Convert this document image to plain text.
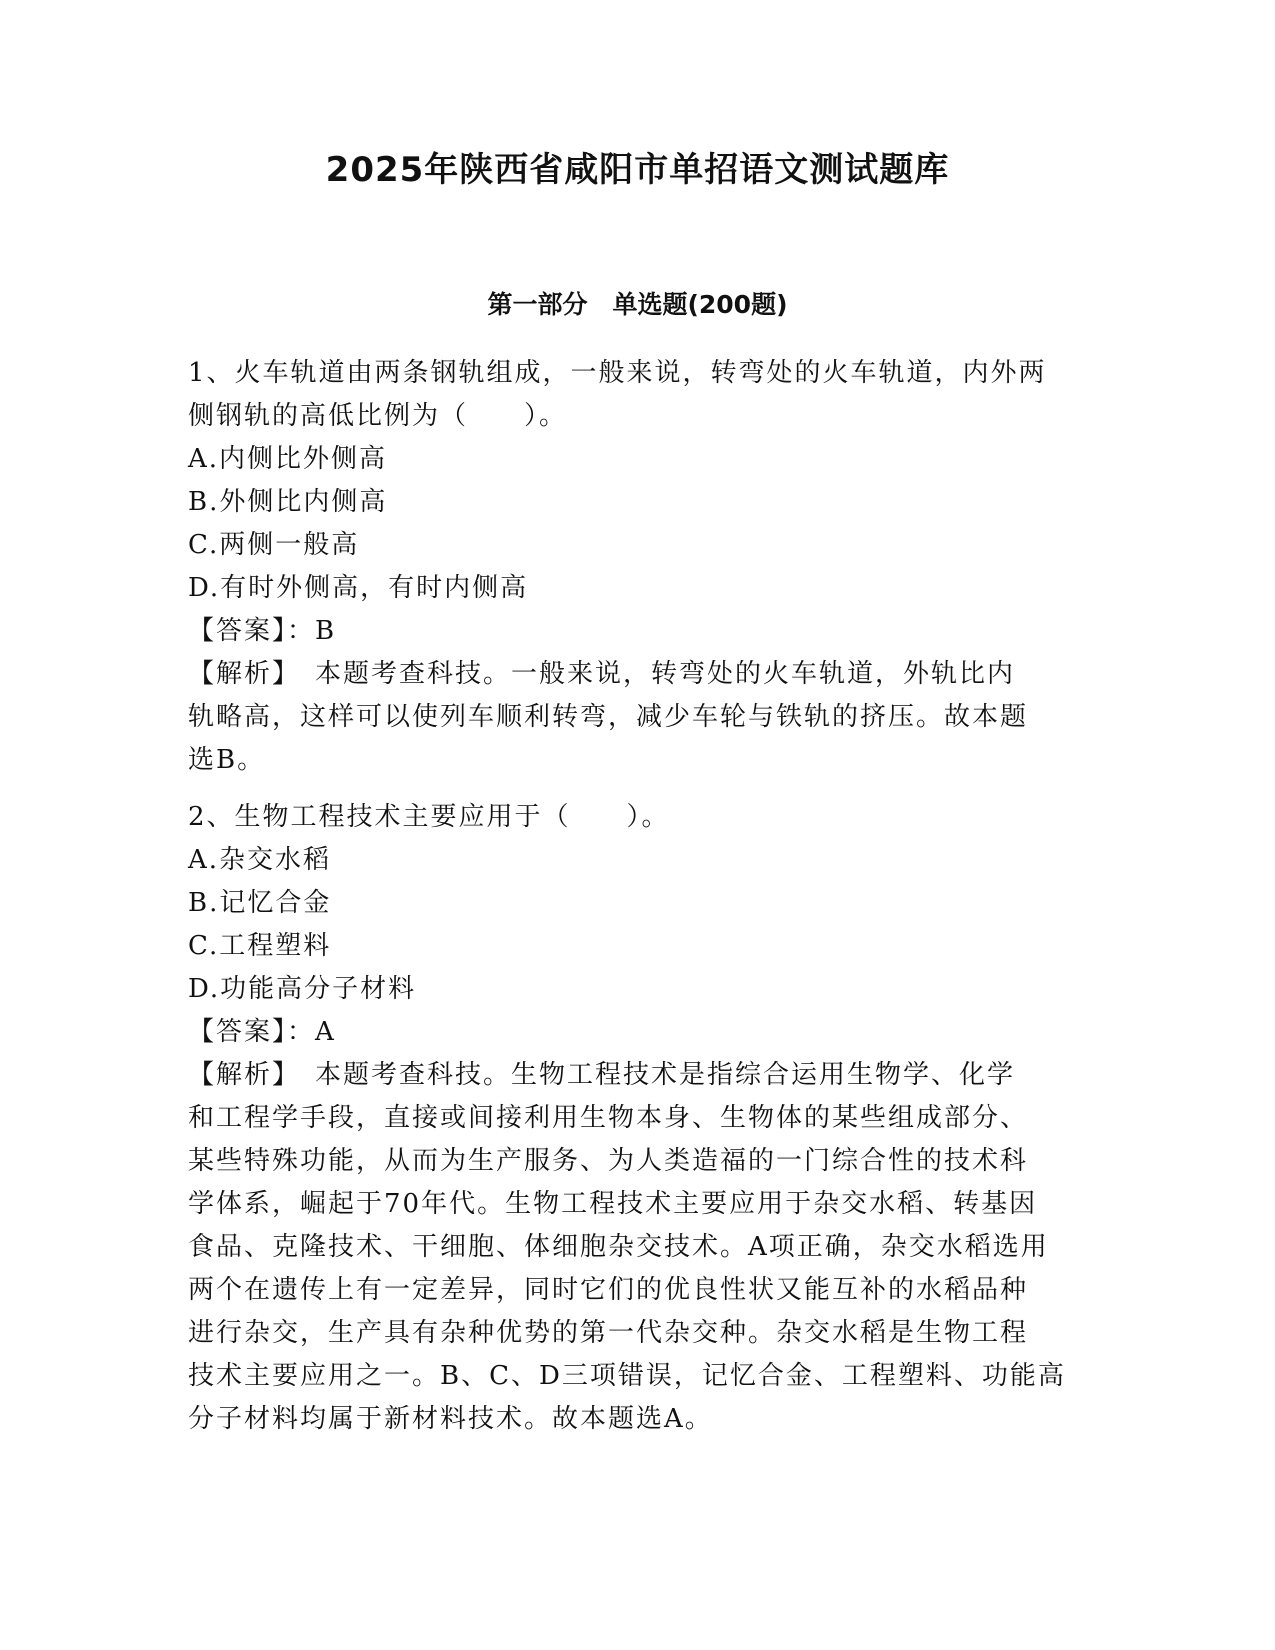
2025年陕西省咸阳市单招语文测试题库
第一部分　单选题(200题)
1、火车轨道由两条钢轨组成，一般来说，转弯处的火车轨道，内外两
侧钢轨的高低比例为（　　）。
A.内侧比外侧高
B.外侧比内侧高
C.两侧一般高
D.有时外侧高，有时内侧高
【答案】：B
【解析】　本题考查科技。一般来说，转弯处的火车轨道，外轨比内
轨略高，这样可以使列车顺利转弯，减少车轮与铁轨的挤压。故本题
选B。
2、生物工程技术主要应用于（　　）。
A.杂交水稻
B.记忆合金
C.工程塑料
D.功能高分子材料
【答案】：A
【解析】　本题考查科技。生物工程技术是指综合运用生物学、化学
和工程学手段，直接或间接利用生物本身、生物体的某些组成部分、
某些特殊功能，从而为生产服务、为人类造福的一门综合性的技术科
学体系，崛起于70年代。生物工程技术主要应用于杂交水稻、转基因
食品、克隆技术、干细胞、体细胞杂交技术。A项正确，杂交水稻选用
两个在遗传上有一定差异，同时它们的优良性状又能互补的水稻品种
进行杂交，生产具有杂种优势的第一代杂交种。杂交水稻是生物工程
技术主要应用之一。B、C、D三项错误，记忆合金、工程塑料、功能高
分子材料均属于新材料技术。故本题选A。
